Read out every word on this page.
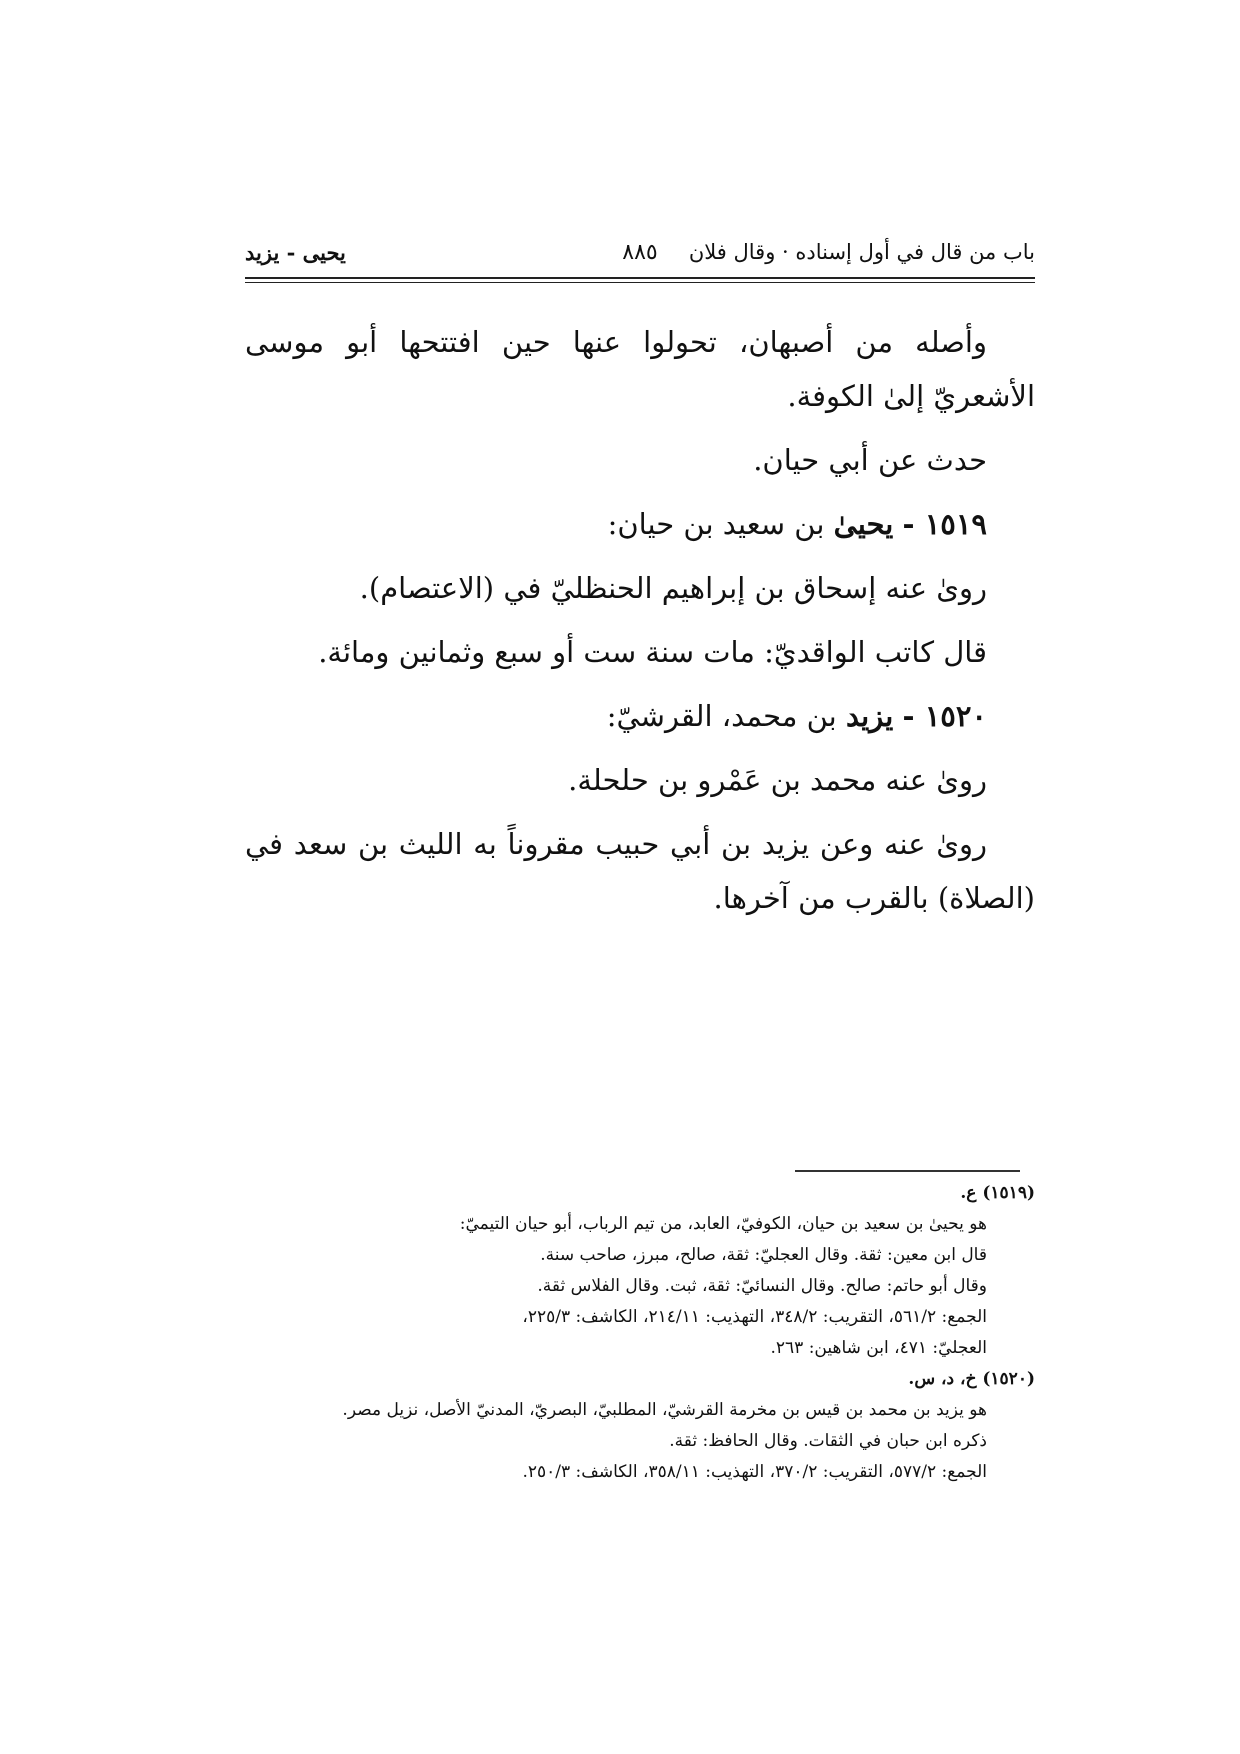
باب من قال في أول إسناده · وقال فلان
٨٨٥
يحيى - يزيد

وأصله من أصبهان، تحولوا عنها حين افتتحها أبو موسى الأشعريّ إلىٰ الكوفة.

حدث عن أبي حيان.

١٥١٩ - يحيىٰ بن سعيد بن حيان:

روىٰ عنه إسحاق بن إبراهيم الحنظليّ في (الاعتصام).

قال كاتب الواقديّ: مات سنة ست أو سبع وثمانين ومائة.

١٥٢٠ - يزيد بن محمد، القرشيّ:

روىٰ عنه محمد بن عَمْرو بن حلحلة.

روىٰ عنه وعن يزيد بن أبي حبيب مقروناً به الليث بن سعد في (الصلاة) بالقرب من آخرها.

(١٥١٩) ع.

هو يحيىٰ بن سعيد بن حيان، الكوفيّ، العابد، من تيم الرباب، أبو حيان التيميّ:

قال ابن معين: ثقة. وقال العجليّ: ثقة، صالح، مبرز، صاحب سنة.

وقال أبو حاتم: صالح. وقال النسائيّ: ثقة، ثبت. وقال الفلاس ثقة.

الجمع: ٥٦١/٢، التقريب: ٣٤٨/٢، التهذيب: ٢١٤/١١، الكاشف: ٢٢٥/٣،

العجليّ: ٤٧١، ابن شاهين: ٢٦٣.

(١٥٢٠) خ، د، س.

هو يزيد بن محمد بن قيس بن مخرمة القرشيّ، المطلبيّ، البصريّ، المدنيّ الأصل، نزيل مصر.

ذكره ابن حبان في الثقات. وقال الحافظ: ثقة.

الجمع: ٥٧٧/٢، التقريب: ٣٧٠/٢، التهذيب: ٣٥٨/١١، الكاشف: ٢٥٠/٣.
